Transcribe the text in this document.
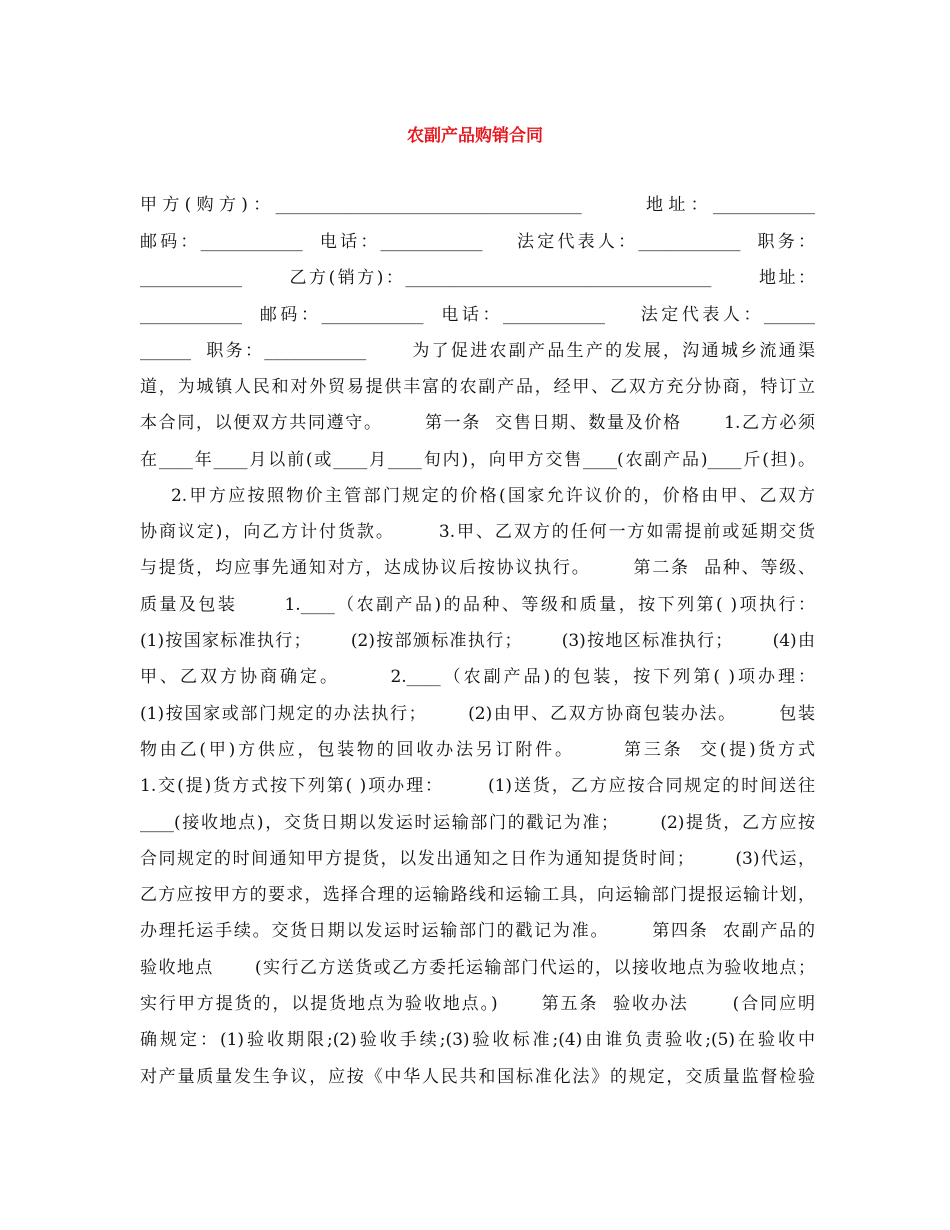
农副产品购销合同
甲方(购方)：____________________________________      地址：____________
邮码：____________  电话：____________    法定代表人：____________  职务：
____________      乙方(销方)：____________________________________      地址：
____________  邮码：____________  电话：____________    法定代表人：______
______  职务：____________      为了促进农副产品生产的发展，沟通城乡流通渠
道，为城镇人民和对外贸易提供丰富的农副产品，经甲、乙双方充分协商，特订立
本合同，以便双方共同遵守。      第一条  交售日期、数量及价格      1.乙方必须
在____年____月以前(或____月____旬内)，向甲方交售____(农副产品)____斤(担)。
2.甲方应按照物价主管部门规定的价格(国家允许议价的，价格由甲、乙双方
协商议定)，向乙方计付货款。      3.甲、乙双方的任何一方如需提前或延期交货
与提货，均应事先通知对方，达成协议后按协议执行。      第二条  品种、等级、
质量及包装      1.____（农副产品)的品种、等级和质量，按下列第( )项执行：
(1)按国家标准执行；      (2)按部颁标准执行；      (3)按地区标准执行；      (4)由
甲、乙双方协商确定。      2.____（农副产品)的包装，按下列第( )项办理：
(1)按国家或部门规定的办法执行；      (2)由甲、乙双方协商包装办法。      包装
物由乙(甲)方供应，包装物的回收办法另订附件。      第三条  交(提)货方式
1.交(提)货方式按下列第( )项办理：      (1)送货，乙方应按合同规定的时间送往
____(接收地点)，交货日期以发运时运输部门的戳记为准；      (2)提货，乙方应按
合同规定的时间通知甲方提货，以发出通知之日作为通知提货时间；      (3)代运，
乙方应按甲方的要求，选择合理的运输路线和运输工具，向运输部门提报运输计划，
办理托运手续。交货日期以发运时运输部门的戳记为准。      第四条  农副产品的
验收地点      (实行乙方送货或乙方委托运输部门代运的，以接收地点为验收地点；
实行甲方提货的，以提货地点为验收地点。)      第五条  验收办法      (合同应明
确规定：(1)验收期限;(2)验收手续;(3)验收标准;(4)由谁负责验收;(5)在验收中
对产量质量发生争议，应按《中华人民共和国标准化法》的规定，交质量监督检验
